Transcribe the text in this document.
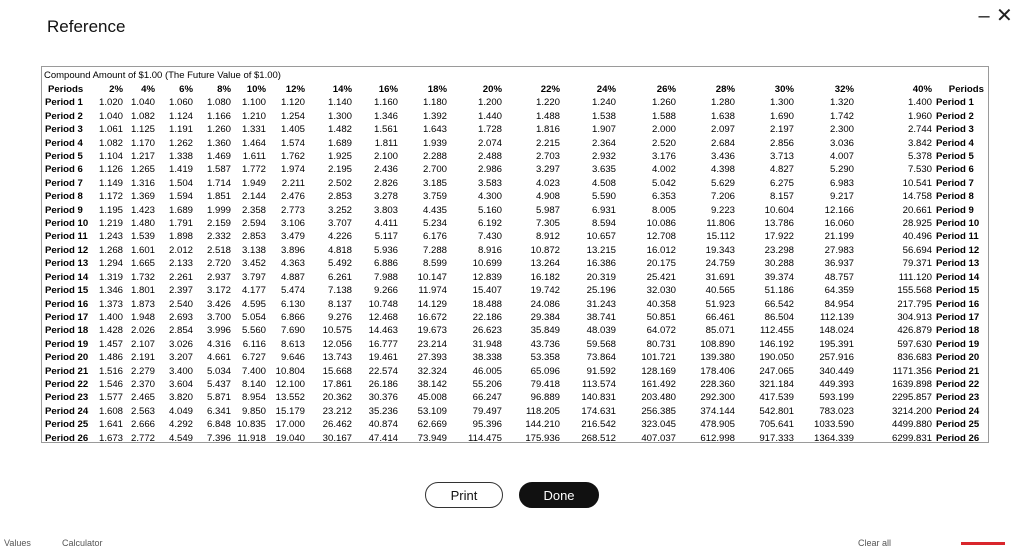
Reference	– ✕
Compound Amount of $1.00 (The Future Value of $1.00)
Periods	2%	4%	6%	8%	10%	12%	14%	16%	18%	20%	22%	24%	26%	28%	30%	32%	40%	Periods
Period 1	1.020	1.040	1.060	1.080	1.100	1.120	1.140	1.160	1.180	1.200	1.220	1.240	1.260	1.280	1.300	1.320	1.400	Period 1
Period 2	1.040	1.082	1.124	1.166	1.210	1.254	1.300	1.346	1.392	1.440	1.488	1.538	1.588	1.638	1.690	1.742	1.960	Period 2
Period 3	1.061	1.125	1.191	1.260	1.331	1.405	1.482	1.561	1.643	1.728	1.816	1.907	2.000	2.097	2.197	2.300	2.744	Period 3
Period 4	1.082	1.170	1.262	1.360	1.464	1.574	1.689	1.811	1.939	2.074	2.215	2.364	2.520	2.684	2.856	3.036	3.842	Period 4
Period 5	1.104	1.217	1.338	1.469	1.611	1.762	1.925	2.100	2.288	2.488	2.703	2.932	3.176	3.436	3.713	4.007	5.378	Period 5
Period 6	1.126	1.265	1.419	1.587	1.772	1.974	2.195	2.436	2.700	2.986	3.297	3.635	4.002	4.398	4.827	5.290	7.530	Period 6
Period 7	1.149	1.316	1.504	1.714	1.949	2.211	2.502	2.826	3.185	3.583	4.023	4.508	5.042	5.629	6.275	6.983	10.541	Period 7
Period 8	1.172	1.369	1.594	1.851	2.144	2.476	2.853	3.278	3.759	4.300	4.908	5.590	6.353	7.206	8.157	9.217	14.758	Period 8
Period 9	1.195	1.423	1.689	1.999	2.358	2.773	3.252	3.803	4.435	5.160	5.987	6.931	8.005	9.223	10.604	12.166	20.661	Period 9
Period 10	1.219	1.480	1.791	2.159	2.594	3.106	3.707	4.411	5.234	6.192	7.305	8.594	10.086	11.806	13.786	16.060	28.925	Period 10
Period 11	1.243	1.539	1.898	2.332	2.853	3.479	4.226	5.117	6.176	7.430	8.912	10.657	12.708	15.112	17.922	21.199	40.496	Period 11
Period 12	1.268	1.601	2.012	2.518	3.138	3.896	4.818	5.936	7.288	8.916	10.872	13.215	16.012	19.343	23.298	27.983	56.694	Period 12
Period 13	1.294	1.665	2.133	2.720	3.452	4.363	5.492	6.886	8.599	10.699	13.264	16.386	20.175	24.759	30.288	36.937	79.371	Period 13
Period 14	1.319	1.732	2.261	2.937	3.797	4.887	6.261	7.988	10.147	12.839	16.182	20.319	25.421	31.691	39.374	48.757	111.120	Period 14
Period 15	1.346	1.801	2.397	3.172	4.177	5.474	7.138	9.266	11.974	15.407	19.742	25.196	32.030	40.565	51.186	64.359	155.568	Period 15
Period 16	1.373	1.873	2.540	3.426	4.595	6.130	8.137	10.748	14.129	18.488	24.086	31.243	40.358	51.923	66.542	84.954	217.795	Period 16
Period 17	1.400	1.948	2.693	3.700	5.054	6.866	9.276	12.468	16.672	22.186	29.384	38.741	50.851	66.461	86.504	112.139	304.913	Period 17
Period 18	1.428	2.026	2.854	3.996	5.560	7.690	10.575	14.463	19.673	26.623	35.849	48.039	64.072	85.071	112.455	148.024	426.879	Period 18
Period 19	1.457	2.107	3.026	4.316	6.116	8.613	12.056	16.777	23.214	31.948	43.736	59.568	80.731	108.890	146.192	195.391	597.630	Period 19
Period 20	1.486	2.191	3.207	4.661	6.727	9.646	13.743	19.461	27.393	38.338	53.358	73.864	101.721	139.380	190.050	257.916	836.683	Period 20
Period 21	1.516	2.279	3.400	5.034	7.400	10.804	15.668	22.574	32.324	46.005	65.096	91.592	128.169	178.406	247.065	340.449	1171.356	Period 21
Period 22	1.546	2.370	3.604	5.437	8.140	12.100	17.861	26.186	38.142	55.206	79.418	113.574	161.492	228.360	321.184	449.393	1639.898	Period 22
Period 23	1.577	2.465	3.820	5.871	8.954	13.552	20.362	30.376	45.008	66.247	96.889	140.831	203.480	292.300	417.539	593.199	2295.857	Period 23
Period 24	1.608	2.563	4.049	6.341	9.850	15.179	23.212	35.236	53.109	79.497	118.205	174.631	256.385	374.144	542.801	783.023	3214.200	Period 24
Period 25	1.641	2.666	4.292	6.848	10.835	17.000	26.462	40.874	62.669	95.396	144.210	216.542	323.045	478.905	705.641	1033.590	4499.880	Period 25
Period 26	1.673	2.772	4.549	7.396	11.918	19.040	30.167	47.414	73.949	114.475	175.936	268.512	407.037	612.998	917.333	1364.339	6299.831	Period 26
Print	Done
Values	Calculator	Clear all
